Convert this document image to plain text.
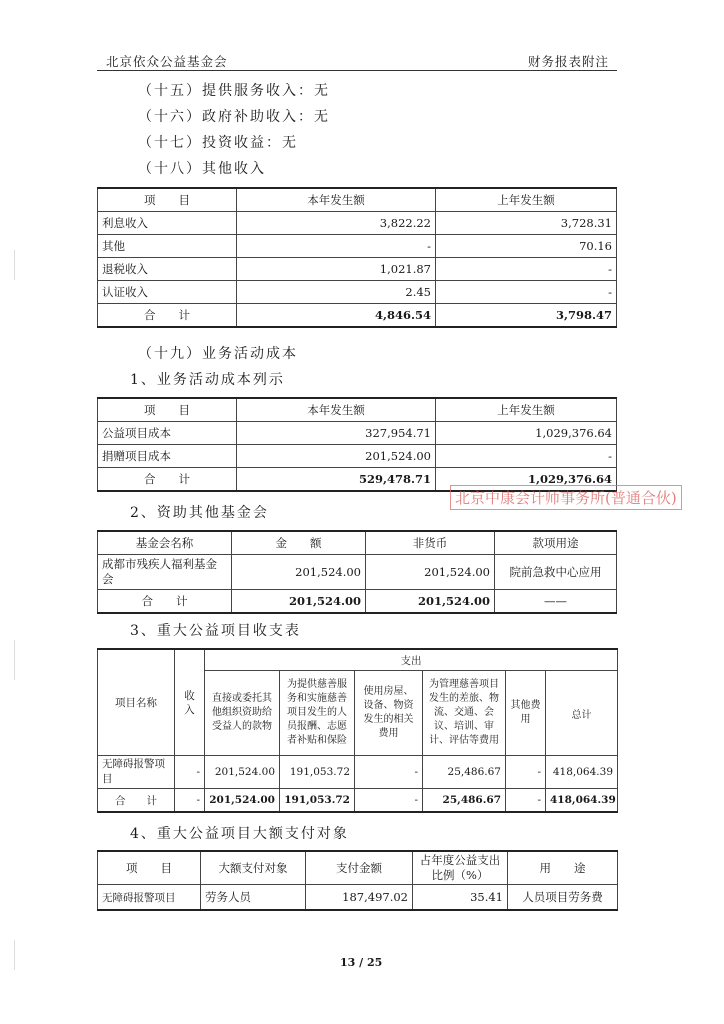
北京依众公益基金会	财务报表附注
（十五）提供服务收入：无
（十六）政府补助收入：无
（十七）投资收益：无
（十八）其他收入
项　　目	本年发生额	上年发生额
利息收入	3,822.22	3,728.31
其他	-	70.16
退税收入	1,021.87	-
认证收入	2.45	-
合　　计	4,846.54	3,798.47
（十九）业务活动成本
1、业务活动成本列示
项　　目	本年发生额	上年发生额
公益项目成本	327,954.71	1,029,376.64
捐赠项目成本	201,524.00	-
合　　计	529,478.71	1,029,376.64
北京中康会计师事务所(普通合伙)
2、资助其他基金会
基金会名称	金　　额	非货币	款项用途
成都市残疾人福利基金会	201,524.00	201,524.00	院前急救中心应用
合　　计	201,524.00	201,524.00	——
3、重大公益项目收支表
项目名称	收入	支出					
		直接或委托其他组织资助给受益人的款物	为提供慈善服务和实施慈善项目发生的人员报酬、志愿者补贴和保险	使用房屋、设备、物资发生的相关费用	为管理慈善项目发生的差旅、物流、交通、会议、培训、审计、评估等费用	其他费用	总计
无障碍报警项目	-	201,524.00	191,053.72	-	25,486.67	-	418,064.39
合　　计	-	201,524.00	191,053.72	-	25,486.67	-	418,064.39
4、重大公益项目大额支付对象
项　　目	大额支付对象	支付金额	占年度公益支出比例（%）	用　　途
无障碍报警项目	劳务人员	187,497.02	35.41	人员项目劳务费
13 / 25
